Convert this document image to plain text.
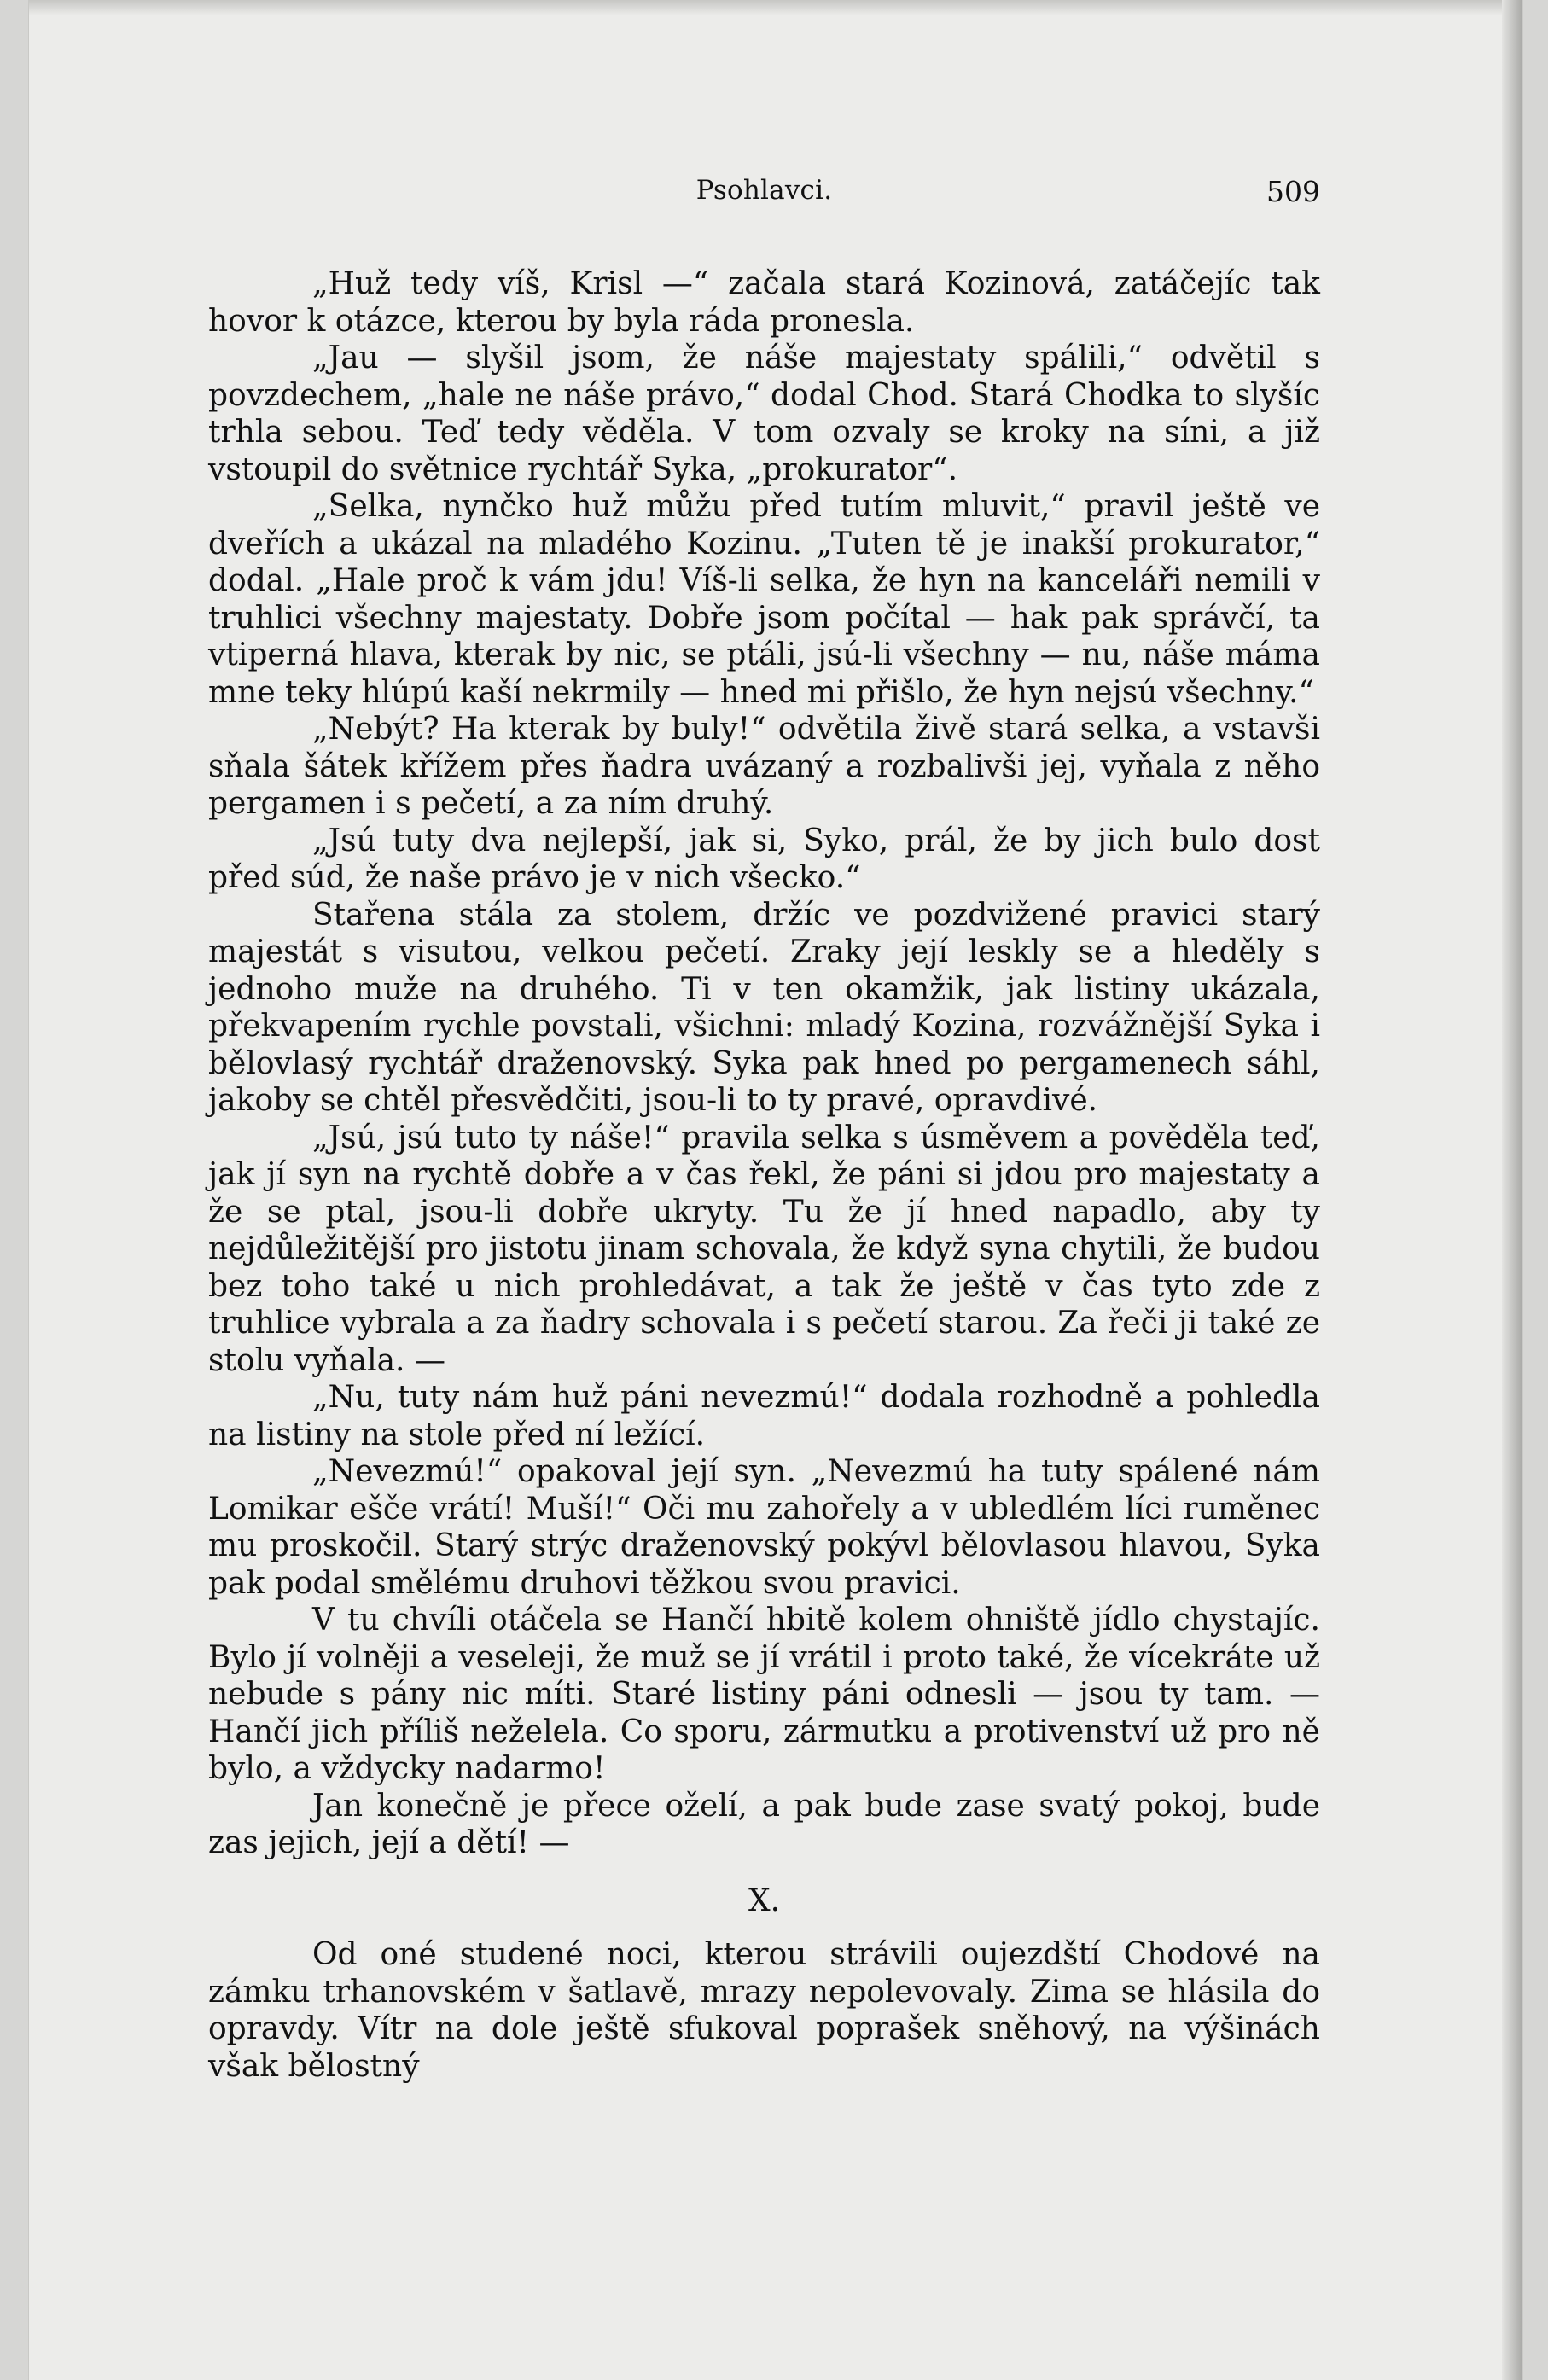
Psohlavci.	509

„Huž tedy víš, Krisl —“ začala stará Kozinová, zatáčejíc tak hovor k otázce, kterou by byla ráda pronesla.

„Jau — slyšil jsom, že náše majestaty spálili,“ odvětil s povzdechem, „hale ne náše právo,“ dodal Chod. Stará Chodka to slyšíc trhla sebou. Teď tedy věděla. V tom ozvaly se kroky na síni, a již vstoupil do světnice rychtář Syka, „prokurator“.

„Selka, nynčko huž můžu před tutím mluvit,“ pravil ještě ve dveřích a ukázal na mladého Kozinu. „Tuten tě je inakší prokurator,“ dodal. „Hale proč k vám jdu! Víš-li selka, že hyn na kanceláři nemili v truhlici všechny majestaty. Dobře jsom počítal — hak pak správčí, ta vtiperná hlava, kterak by nic, se ptáli, jsú-li všechny — nu, náše máma mne teky hlúpú kaší nekrmily — hned mi přišlo, že hyn nejsú všechny.“

„Nebýt? Ha kterak by buly!“ odvětila živě stará selka, a vstavši sňala šátek křížem přes ňadra uvázaný a rozbalivši jej, vyňala z něho pergamen i s pečetí, a za ním druhý.

„Jsú tuty dva nejlepší, jak si, Syko, prál, že by jich bulo dost před súd, že naše právo je v nich všecko.“

Stařena stála za stolem, držíc ve pozdvižené pravici starý majestát s visutou, velkou pečetí. Zraky její leskly se a hleděly s jednoho muže na druhého. Ti v ten okamžik, jak listiny ukázala, překvapením rychle povstali, všichni: mladý Kozina, rozvážnější Syka i bělovlasý rychtář draženovský. Syka pak hned po pergamenech sáhl, jakoby se chtěl přesvědčiti, jsou-li to ty pravé, opravdivé.

„Jsú, jsú tuto ty náše!“ pravila selka s úsměvem a pověděla teď, jak jí syn na rychtě dobře a v čas řekl, že páni si jdou pro majestaty a že se ptal, jsou-li dobře ukryty. Tu že jí hned napadlo, aby ty nejdůležitější pro jistotu jinam schovala, že když syna chytili, že budou bez toho také u nich prohledávat, a tak že ještě v čas tyto zde z truhlice vybrala a za ňadry schovala i s pečetí starou. Za řeči ji také ze stolu vyňala. —

„Nu, tuty nám huž páni nevezmú!“ dodala rozhodně a pohledla na listiny na stole před ní ležící.

„Nevezmú!“ opakoval její syn. „Nevezmú ha tuty spálené nám Lomikar ešče vrátí! Muší!“ Oči mu zahořely a v ubledlém líci ruměnec mu proskočil. Starý strýc draženovský pokývl bělovlasou hlavou, Syka pak podal smělému druhovi těžkou svou pravici.

V tu chvíli otáčela se Hančí hbitě kolem ohniště jídlo chystajíc. Bylo jí volněji a veseleji, že muž se jí vrátil i proto také, že vícekráte už nebude s pány nic míti. Staré listiny páni odnesli — jsou ty tam. — Hančí jich příliš neželela. Co sporu, zármutku a protivenství už pro ně bylo, a vždycky nadarmo!

Jan konečně je přece oželí, a pak bude zase svatý pokoj, bude zas jejich, její a dětí! —

X.

Od oné studené noci, kterou strávili oujezdští Chodové na zámku trhanovském v šatlavě, mrazy nepolevovaly. Zima se hlásila do opravdy. Vítr na dole ještě sfukoval poprašek sněhový, na výšinách však bělostný
